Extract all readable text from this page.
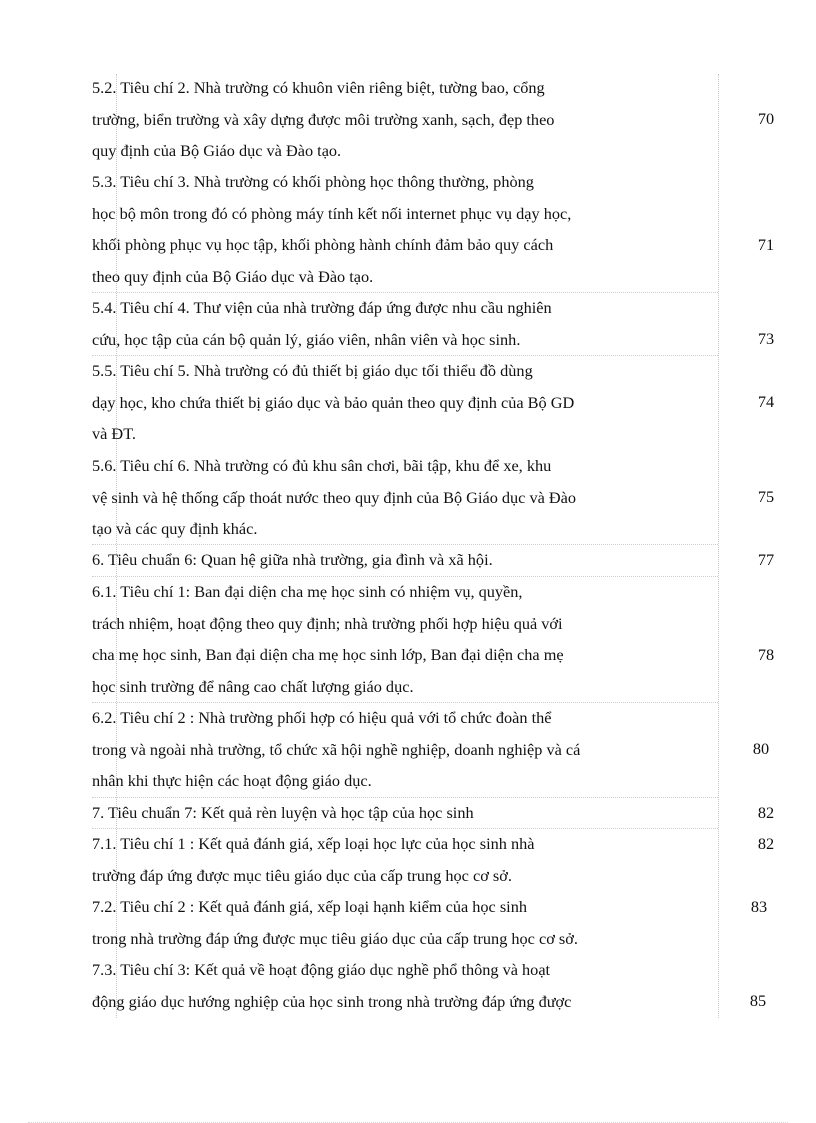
5.2. Tiêu chí 2. Nhà trường có khuôn viên riêng biệt, tường bao, cổng
trường, biển trường và xây dựng được môi trường xanh, sạch, đẹp theo
quy định của Bộ Giáo dục và Đào tạo.
70
5.3. Tiêu chí 3. Nhà trường có khối phòng học thông thường, phòng
học bộ môn trong đó có phòng máy tính kết nối internet phục vụ dạy học,
khối phòng phục vụ học tập, khối phòng hành chính đảm bảo quy cách
theo quy định của Bộ Giáo dục và Đào tạo.
71
5.4. Tiêu chí 4. Thư viện của nhà trường đáp ứng được nhu cầu nghiên
cứu, học tập của cán bộ quản lý, giáo viên, nhân viên và học sinh.	73
5.5. Tiêu chí 5. Nhà trường có đủ thiết bị giáo dục tối thiểu đồ dùng
dạy học, kho chứa thiết bị giáo dục và bảo quản theo quy định của Bộ GD
và ĐT.
74
5.6. Tiêu chí 6. Nhà trường có đủ khu sân chơi, bãi tập, khu để xe, khu
vệ sinh và hệ thống cấp thoát nước theo quy định của Bộ Giáo dục và Đào
tạo và các quy định khác.
75
6. Tiêu chuẩn 6: Quan hệ giữa nhà trường, gia đình và xã hội.	77
6.1. Tiêu chí 1: Ban đại diện cha mẹ học sinh có nhiệm vụ, quyền,
trách nhiệm, hoạt động theo quy định; nhà trường phối hợp hiệu quả với
cha mẹ học sinh, Ban đại diện cha mẹ học sinh lớp, Ban đại diện cha mẹ
học sinh trường để nâng cao chất lượng giáo dục.
78
6.2. Tiêu chí 2 : Nhà trường phối hợp có hiệu quả với tổ chức đoàn thể
trong và ngoài nhà trường, tổ chức xã hội nghề nghiệp, doanh nghiệp và cá
nhân khi thực hiện các hoạt động giáo dục.
80
7. Tiêu chuẩn 7: Kết quả rèn luyện và học tập của học sinh	82
7.1. Tiêu chí 1 : Kết quả đánh giá, xếp loại học lực của học sinh nhà
trường đáp ứng được mục tiêu giáo dục của cấp trung học cơ sở.
82
7.2. Tiêu chí 2 : Kết quả đánh giá, xếp loại hạnh kiểm của học sinh
trong nhà trường đáp ứng được mục tiêu giáo dục của cấp trung học cơ sở.
83
7.3. Tiêu chí 3: Kết quả về hoạt động giáo dục nghề phổ thông và hoạt
động giáo dục hướng nghiệp của học sinh trong nhà trường đáp ứng được	85
